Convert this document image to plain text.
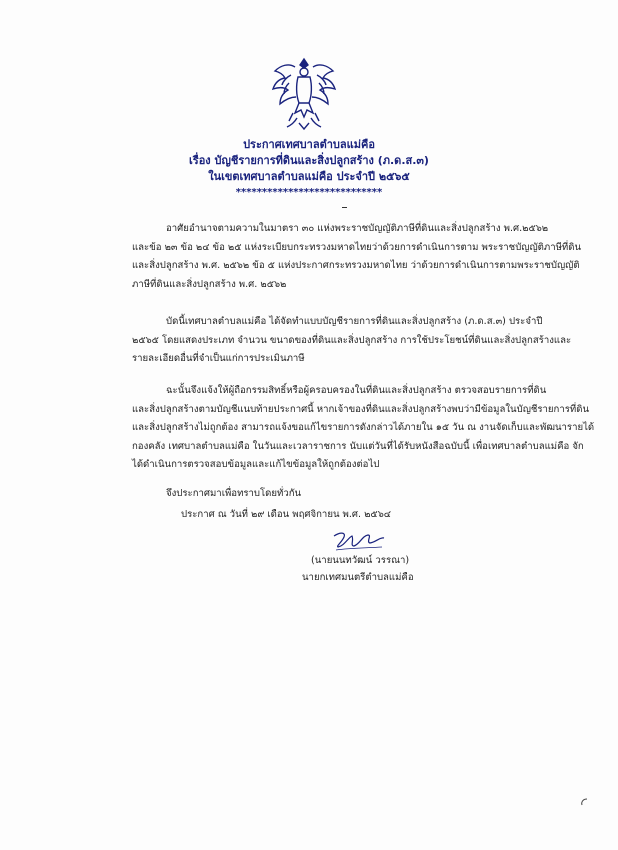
ประกาศเทศบาลตำบลแม่คือ
เรื่อง บัญชีรายการที่ดินและสิ่งปลูกสร้าง (ภ.ด.ส.๓)
ในเขตเทศบาลตำบลแม่คือ ประจำปี ๒๕๖๕
****************************
อาศัยอำนาจตามความในมาตรา ๓๐ แห่งพระราชบัญญัติภาษีที่ดินและสิ่งปลูกสร้าง พ.ศ.๒๕๖๒
และข้อ ๒๓ ข้อ ๒๔ ข้อ ๒๕ แห่งระเบียบกระทรวงมหาดไทยว่าด้วยการดำเนินการตาม พระราชบัญญัติภาษีที่ดิน
และสิ่งปลูกสร้าง พ.ศ. ๒๕๖๒ ข้อ ๕ แห่งประกาศกระทรวงมหาดไทย ว่าด้วยการดำเนินการตามพระราชบัญญัติ
ภาษีที่ดินและสิ่งปลูกสร้าง พ.ศ. ๒๕๖๒
บัดนี้เทศบาลตำบลแม่คือ ได้จัดทำแบบบัญชีรายการที่ดินและสิ่งปลูกสร้าง (ภ.ด.ส.๓) ประจำปี
๒๕๖๕ โดยแสดงประเภท จำนวน ขนาดของที่ดินและสิ่งปลูกสร้าง การใช้ประโยชน์ที่ดินและสิ่งปลูกสร้างและ
รายละเอียดอื่นที่จำเป็นแก่การประเมินภาษี
ฉะนั้นจึงแจ้งให้ผู้ถือกรรมสิทธิ์หรือผู้ครอบครองในที่ดินและสิ่งปลูกสร้าง ตรวจสอบรายการที่ดิน
และสิ่งปลูกสร้างตามบัญชีแนบท้ายประกาศนี้ หากเจ้าของที่ดินและสิ่งปลูกสร้างพบว่ามีข้อมูลในบัญชีรายการที่ดิน
และสิ่งปลูกสร้างไม่ถูกต้อง สามารถแจ้งขอแก้ไขรายการดังกล่าวได้ภายใน ๑๕ วัน ณ งานจัดเก็บและพัฒนารายได้
กองคลัง เทศบาลตำบลแม่คือ ในวันและเวลาราชการ นับแต่วันที่ได้รับหนังสือฉบับนี้ เพื่อเทศบาลตำบลแม่คือ จัก
ได้ดำเนินการตรวจสอบข้อมูลและแก้ไขข้อมูลให้ถูกต้องต่อไป
จึงประกาศมาเพื่อทราบโดยทั่วกัน
ประกาศ ณ วันที่ ๒๙ เดือน พฤศจิกายน พ.ศ. ๒๕๖๔
(นายนนทวัฒน์ วรรณา)
นายกเทศมนตรีตำบลแม่คือ
